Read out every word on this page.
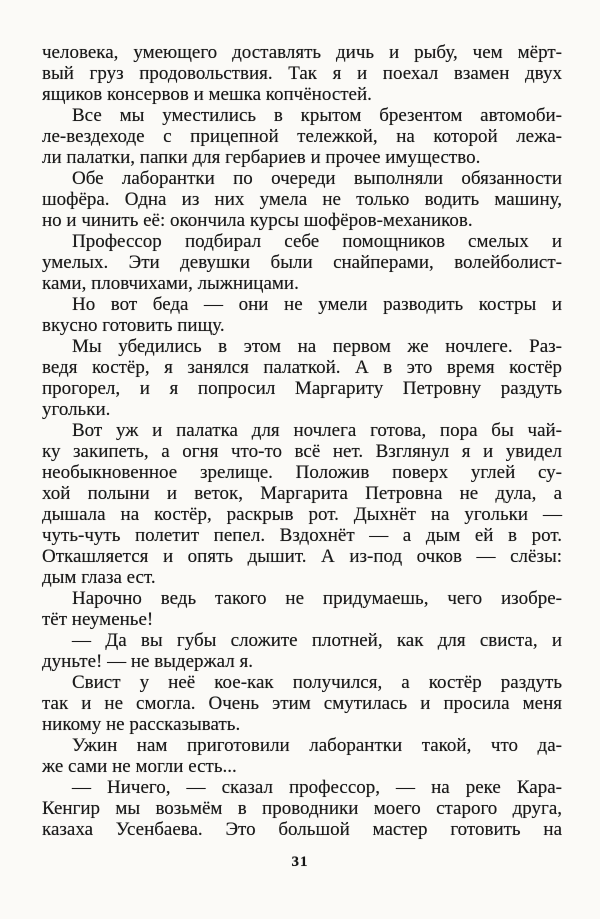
человека, умеющего доставлять дичь и рыбу, чем мёрт-
вый груз продовольствия. Так я и поехал взамен двух
ящиков консервов и мешка копчёностей.
Все мы уместились в крытом брезентом автомоби-
ле-вездеходе с прицепной тележкой, на которой лежа-
ли палатки, папки для гербариев и прочее имущество.
Обе лаборантки по очереди выполняли обязанности
шофёра. Одна из них умела не только водить машину,
но и чинить её: окончила курсы шофёров-механиков.
Профессор подбирал себе помощников смелых и
умелых. Эти девушки были снайперами, волейболист-
ками, пловчихами, лыжницами.
Но вот беда — они не умели разводить костры и
вкусно готовить пищу.
Мы убедились в этом на первом же ночлеге. Раз-
ведя костёр, я занялся палаткой. А в это время костёр
прогорел, и я попросил Маргариту Петровну раздуть
угольки.
Вот уж и палатка для ночлега готова, пора бы чай-
ку закипеть, а огня что-то всё нет. Взглянул я и увидел
необыкновенное зрелище. Положив поверх углей су-
хой полыни и веток, Маргарита Петровна не дула, а
дышала на костёр, раскрыв рот. Дыхнёт на угольки —
чуть-чуть полетит пепел. Вздохнёт — а дым ей в рот.
Откашляется и опять дышит. А из-под очков — слёзы:
дым глаза ест.
Нарочно ведь такого не придумаешь, чего изобре-
тёт неуменье!
— Да вы губы сложите плотней, как для свиста, и
дуньте! — не выдержал я.
Свист у неё кое-как получился, а костёр раздуть
так и не смогла. Очень этим смутилась и просила меня
никому не рассказывать.
Ужин нам приготовили лаборантки такой, что да-
же сами не могли есть...
— Ничего, — сказал профессор, — на реке Кара-
Кенгир мы возьмём в проводники моего старого друга,
казаха Усенбаева. Это большой мастер готовить на
31
